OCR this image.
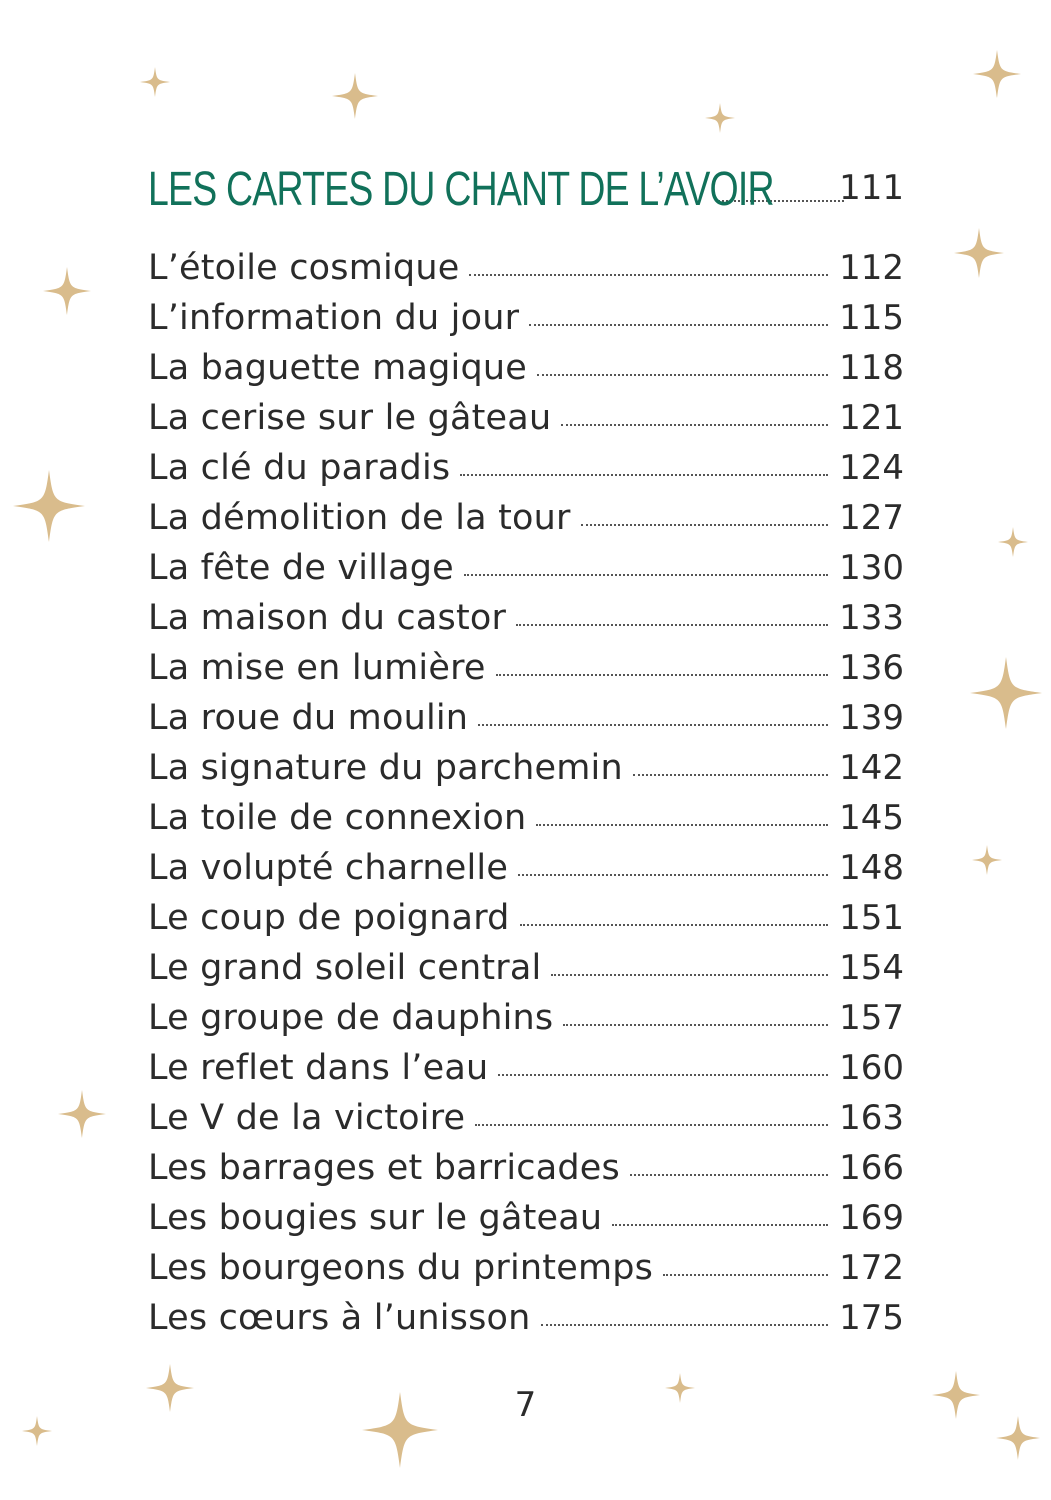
LES CARTES DU CHANT DE L’AVOIR 111
L’étoile cosmique	112
L’information du jour	115
La baguette magique	118
La cerise sur le gâteau	121
La clé du paradis	124
La démolition de la tour	127
La fête de village	130
La maison du castor	133
La mise en lumière	136
La roue du moulin	139
La signature du parchemin	142
La toile de connexion	145
La volupté charnelle	148
Le coup de poignard	151
Le grand soleil central	154
Le groupe de dauphins	157
Le reflet dans l’eau	160
Le V de la victoire	163
Les barrages et barricades	166
Les bougies sur le gâteau	169
Les bourgeons du printemps	172
Les cœurs à l’unisson	175
7
